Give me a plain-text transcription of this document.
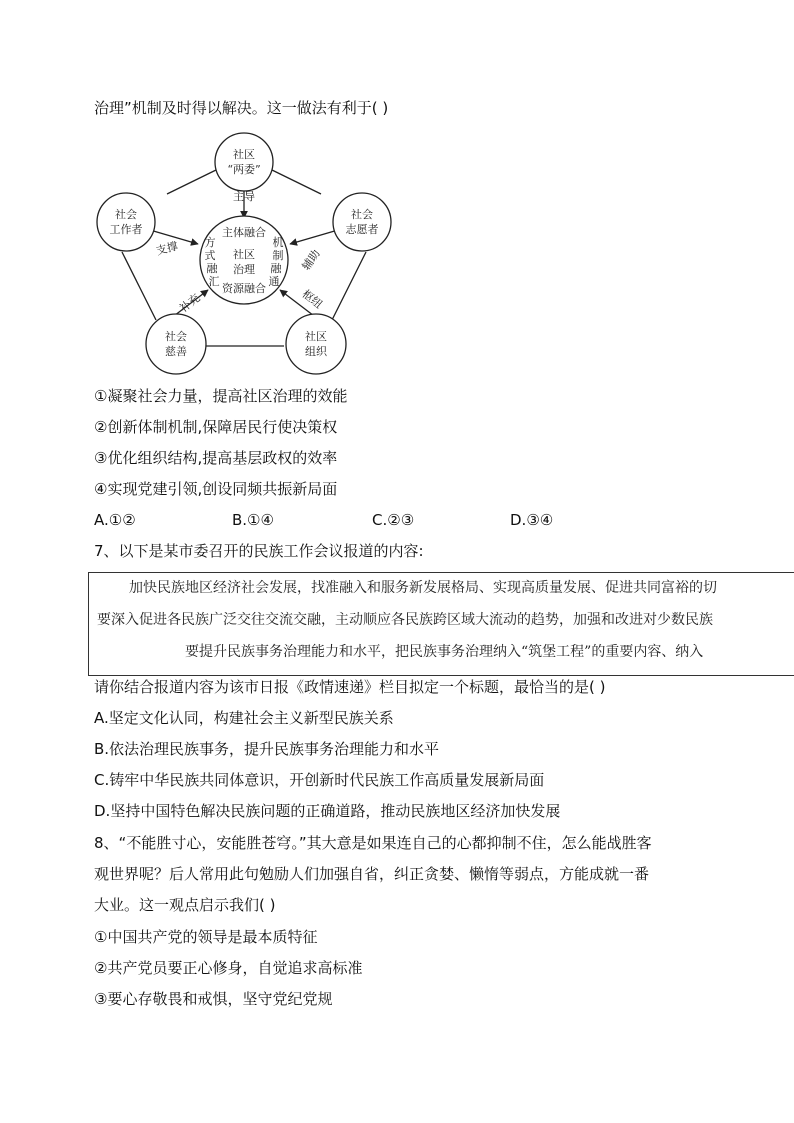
治理”机制及时得以解决。这一做法有利于( )
社区
“两委”
社会
工作者
社会
志愿者
社会
慈善
社区
组织
主体融合
方
式
融
汇
机
制
融
通
社区
治理
资源融合
主导
支撑	辅助
补充	枢纽
①凝聚社会力量，提高社区治理的效能
②创新体制机制,保障居民行使决策权
③优化组织结构,提高基层政权的效率
④实现党建引领,创设同频共振新局面
A.①②	B.①④	C.②③	D.③④
7、以下是某市委召开的民族工作会议报道的内容:
加快民族地区经济社会发展，找准融入和服务新发展格局、实现高质量发展、促进共同富裕的切
要深入促进各民族广泛交往交流交融，主动顺应各民族跨区域大流动的趋势，加强和改进对少数民族
要提升民族事务治理能力和水平，把民族事务治理纳入“筑堡工程”的重要内容、纳入
请你结合报道内容为该市日报《政情速递》栏目拟定一个标题，最恰当的是( )
A.坚定文化认同，构建社会主义新型民族关系
B.依法治理民族事务，提升民族事务治理能力和水平
C.铸牢中华民族共同体意识，开创新时代民族工作高质量发展新局面
D.坚持中国特色解决民族问题的正确道路，推动民族地区经济加快发展
8、“不能胜寸心，安能胜苍穹。”其大意是如果连自己的心都抑制不住，怎么能战胜客
观世界呢？后人常用此句勉励人们加强自省，纠正贪婪、懒惰等弱点，方能成就一番
大业。这一观点启示我们( )
①中国共产党的领导是最本质特征
②共产党员要正心修身，自觉追求高标准
③要心存敬畏和戒惧，坚守党纪党规
